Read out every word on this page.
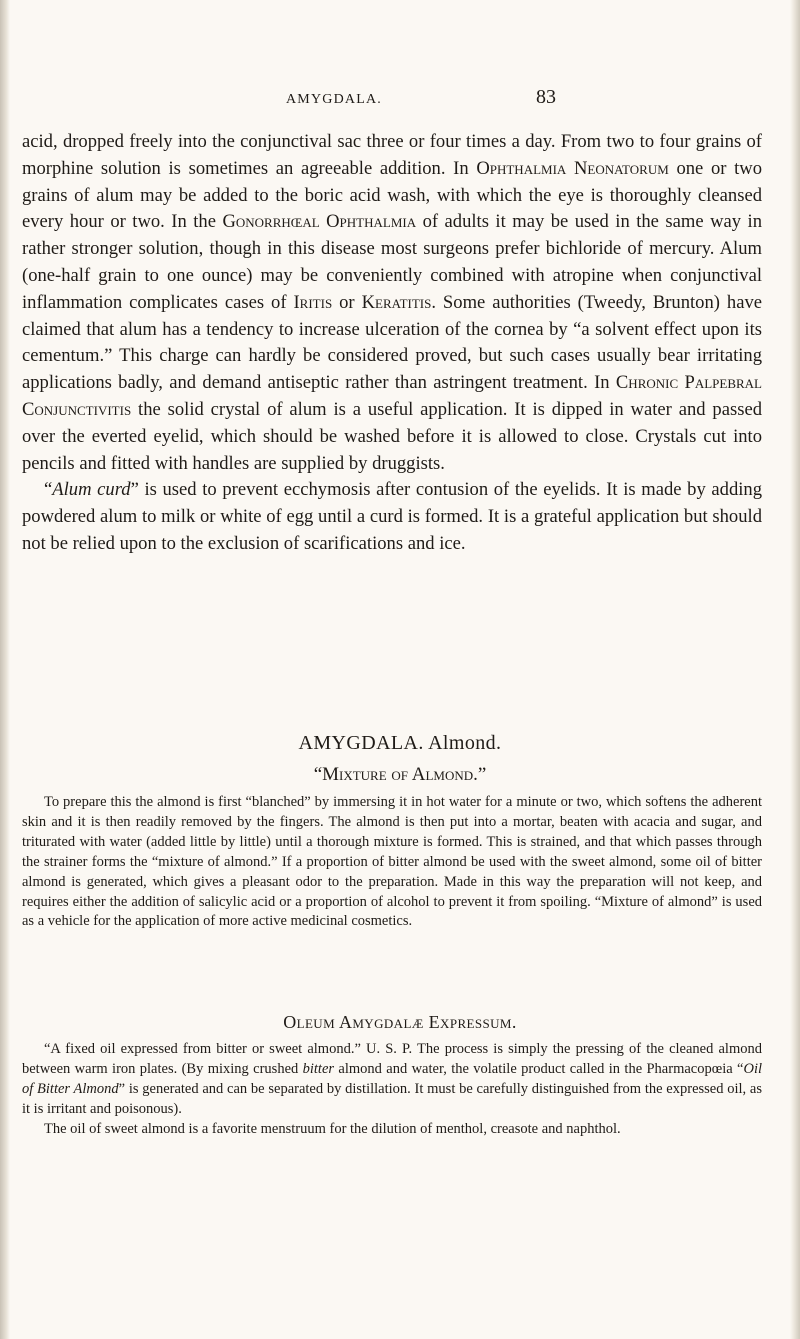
AMYGDALA.	83

acid, dropped freely into the conjunctival sac three or four times a day. From two to four grains of morphine solution is sometimes an agreeable addition. In Ophthalmia Neonatorum one or two grains of alum may be added to the boric acid wash, with which the eye is thoroughly cleansed every hour or two. In the Gonorrhœal Ophthalmia of adults it may be used in the same way in rather stronger solution, though in this disease most surgeons prefer bichloride of mercury. Alum (one-half grain to one ounce) may be conveniently combined with atropine when conjunctival inflammation complicates cases of Iritis or Keratitis. Some authorities (Tweedy, Brunton) have claimed that alum has a tendency to increase ulceration of the cornea by “a solvent effect upon its cementum.” This charge can hardly be considered proved, but such cases usually bear irritating applications badly, and demand antiseptic rather than astringent treatment. In Chronic Palpebral Conjunctivitis the solid crystal of alum is a useful application. It is dipped in water and passed over the everted eyelid, which should be washed before it is allowed to close. Crystals cut into pencils and fitted with handles are supplied by druggists.

“Alum curd” is used to prevent ecchymosis after contusion of the eyelids. It is made by adding powdered alum to milk or white of egg until a curd is formed. It is a grateful application but should not be relied upon to the exclusion of scarifications and ice.

AMYGDALA. Almond.
“Mixture of Almond.”

To prepare this the almond is first “blanched” by immersing it in hot water for a minute or two, which softens the adherent skin and it is then readily removed by the fingers. The almond is then put into a mortar, beaten with acacia and sugar, and triturated with water (added little by little) until a thorough mixture is formed. This is strained, and that which passes through the strainer forms the “mixture of almond.” If a proportion of bitter almond be used with the sweet almond, some oil of bitter almond is generated, which gives a pleasant odor to the preparation. Made in this way the preparation will not keep, and requires either the addition of salicylic acid or a proportion of alcohol to prevent it from spoiling. “Mixture of almond” is used as a vehicle for the application of more active medicinal cosmetics.

Oleum Amygdalæ Expressum.

“A fixed oil expressed from bitter or sweet almond.” U. S. P. The process is simply the pressing of the cleaned almond between warm iron plates. (By mixing crushed bitter almond and water, the volatile product called in the Pharmacopœia “Oil of Bitter Almond” is generated and can be separated by distillation. It must be carefully distinguished from the expressed oil, as it is irritant and poisonous).

The oil of sweet almond is a favorite menstruum for the dilution of menthol, creasote and naphthol.
